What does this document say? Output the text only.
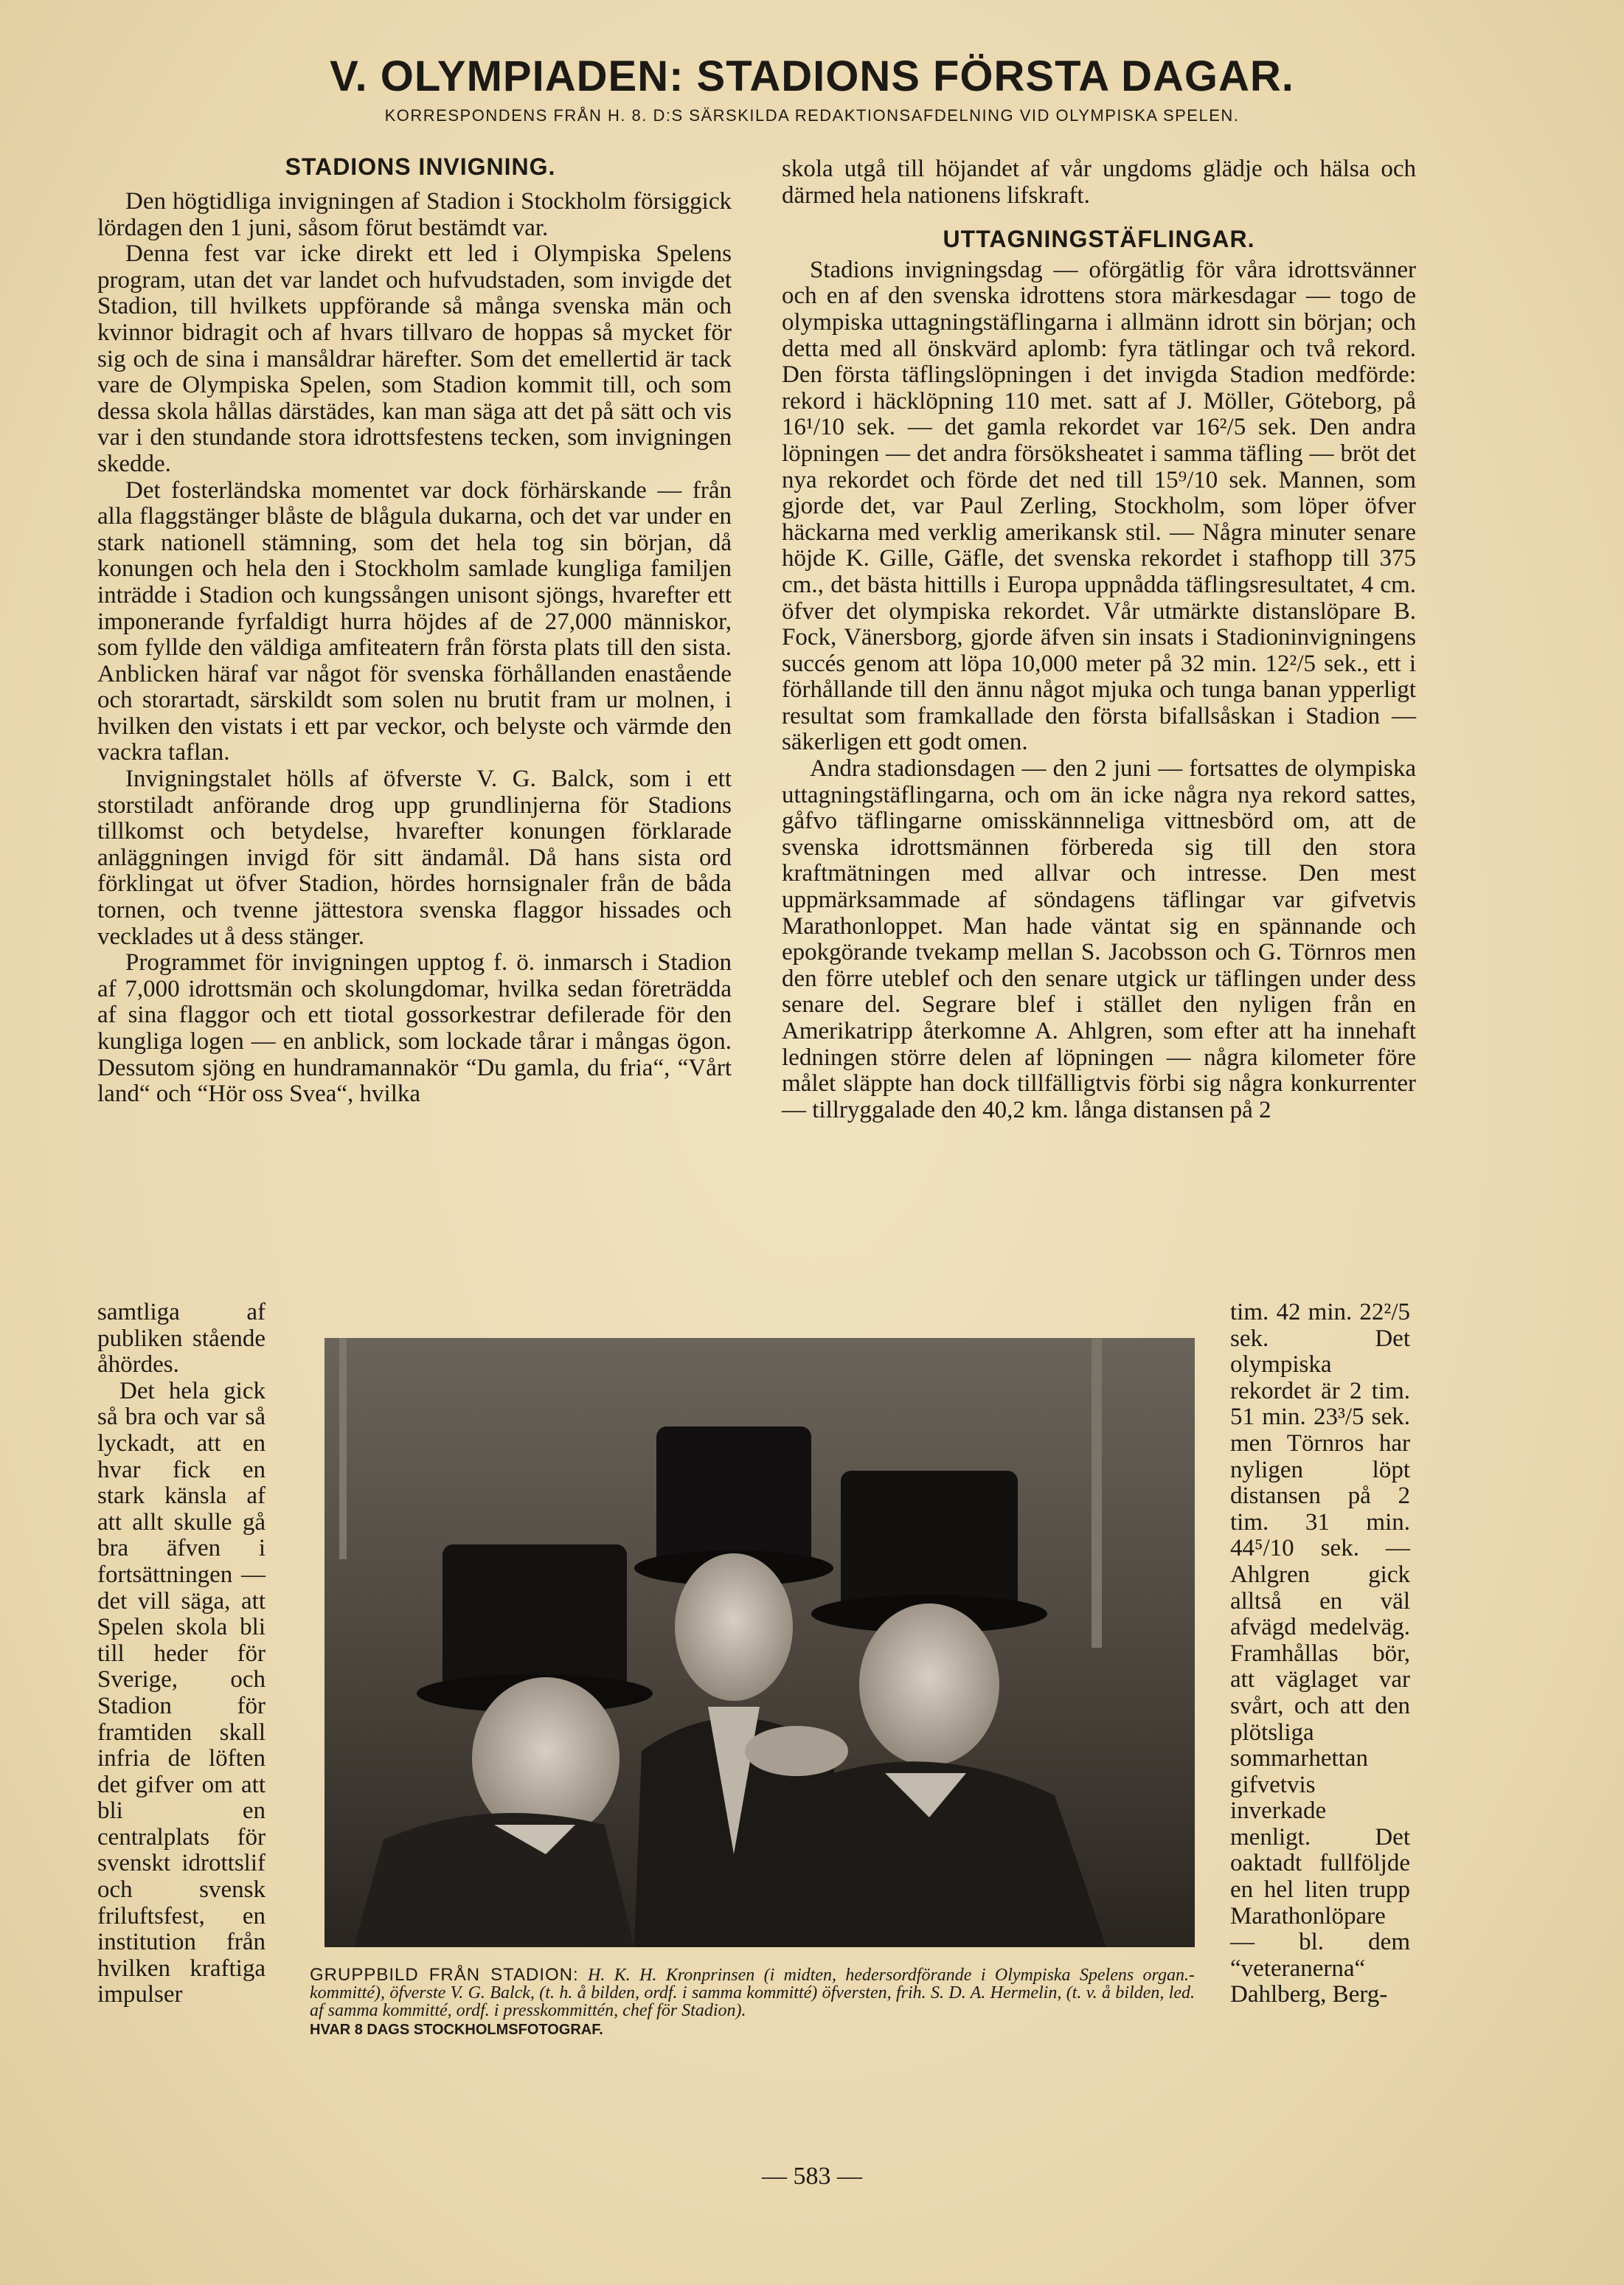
V. OLYMPIADEN: STADIONS FÖRSTA DAGAR.
KORRESPONDENS FRÅN H. 8. D:S SÄRSKILDA REDAKTIONSAFDELNING VID OLYMPISKA SPELEN.
STADIONS INVIGNING.

Den högtidliga invigningen af Stadion i Stockholm försiggick lördagen den 1 juni, såsom förut bestämdt var.

Denna fest var icke direkt ett led i Olympiska Spelens program, utan det var landet och hufvudstaden, som invigde det Stadion, till hvilkets uppförande så många svenska män och kvinnor bidragit och af hvars tillvaro de hoppas så mycket för sig och de sina i mansåldrar härefter. Som det emellertid är tack vare de Olympiska Spelen, som Stadion kommit till, och som dessa skola hållas därstädes, kan man säga att det på sätt och vis var i den stundande stora idrottsfestens tecken, som invigningen skedde.

Det fosterländska momentet var dock förhärskande — från alla flaggstänger blåste de blågula dukarna, och det var under en stark nationell stämning, som det hela tog sin början, då konungen och hela den i Stockholm samlade kungliga familjen inträdde i Stadion och kungssången unisont sjöngs, hvarefter ett imponerande fyrfaldigt hurra höjdes af de 27,000 människor, som fyllde den väldiga amfiteatern från första plats till den sista. Anblicken häraf var något för svenska förhållanden enastående och storartadt, särskildt som solen nu brutit fram ur molnen, i hvilken den vistats i ett par veckor, och belyste och värmde den vackra taflan.

Invigningstalet hölls af öfverste V. G. Balck, som i ett storstiladt anförande drog upp grundlinjerna för Stadions tillkomst och betydelse, hvarefter konungen förklarade anläggningen invigd för sitt ändamål. Då hans sista ord förklingat ut öfver Stadion, hördes hornsignaler från de båda tornen, och tvenne jättestora svenska flaggor hissades och vecklades ut å dess stänger.

Programmet för invigningen upptog f. ö. inmarsch i Stadion af 7,000 idrottsmän och skolungdomar, hvilka sedan företrädda af sina flaggor och ett tiotal gossorkestrar defilerade för den kungliga logen — en anblick, som lockade tårar i mångas ögon. Dessutom sjöng en hundramannakör “Du gamla, du fria“, “Vårt land“ och “Hör oss Svea“, hvilka

samtliga af publiken stående åhördes.

Det hela gick så bra och var så lyckadt, att en hvar fick en stark känsla af att allt skulle gå bra äfven i fortsättningen — det vill säga, att Spelen skola bli till heder för Sverige, och Stadion för framtiden skall infria de löften det gifver om att bli en centralplats för svenskt idrottslif och svensk friluftsfest, en institution från hvilken kraftiga impulser

skola utgå till höjandet af vår ungdoms glädje och hälsa och därmed hela nationens lifskraft.

UTTAGNINGSTÄFLINGAR.

Stadions invigningsdag — oförgätlig för våra idrottsvänner och en af den svenska idrottens stora märkesdagar — togo de olympiska uttagningstäflingarna i allmänn idrott sin början; och detta med all önskvärd aplomb: fyra tätlingar och två rekord. Den första täflingslöpningen i det invigda Stadion medförde: rekord i häcklöpning 110 met. satt af J. Möller, Göteborg, på 16¹/10 sek. — det gamla rekordet var 16²/5 sek. Den andra löpningen — det andra försöksheatet i samma täfling — bröt det nya rekordet och förde det ned till 15⁹/10 sek. Mannen, som gjorde det, var Paul Zerling, Stockholm, som löper öfver häckarna med verklig amerikansk stil. — Några minuter senare höjde K. Gille, Gäfle, det svenska rekordet i stafhopp till 375 cm., det bästa hittills i Europa uppnådda täflingsresultatet, 4 cm. öfver det olympiska rekordet. Vår utmärkte distanslöpare B. Fock, Vänersborg, gjorde äfven sin insats i Stadioninvigningens succés genom att löpa 10,000 meter på 32 min. 12²/5 sek., ett i förhållande till den ännu något mjuka och tunga banan ypperligt resultat som framkallade den första bifallsåskan i Stadion — säkerligen ett godt omen.

Andra stadionsdagen — den 2 juni — fortsattes de olympiska uttagningstäflingarna, och om än icke några nya rekord sattes, gåfvo täflingarne omisskännneliga vittnesbörd om, att de svenska idrottsmännen förbereda sig till den stora kraftmätningen med allvar och intresse. Den mest uppmärksammade af söndagens täflingar var gifvetvis Marathonloppet. Man hade väntat sig en spännande och epokgörande tvekamp mellan S. Jacobsson och G. Törnros men den förre uteblef och den senare utgick ur täflingen under dess senare del. Segrare blef i stället den nyligen från en Amerikatripp återkomne A. Ahlgren, som efter att ha innehaft ledningen större delen af löpningen — några kilometer före målet släppte han dock tillfälligtvis förbi sig några konkurrenter — tillryggalade den 40,2 km. långa distansen på 2

tim. 42 min. 22²/5 sek. Det olympiska rekordet är 2 tim. 51 min. 23³/5 sek. men Törnros har nyligen löpt distansen på 2 tim. 31 min. 44⁵/10 sek. — Ahlgren gick alltså en väl afvägd medelväg. Framhållas bör, att väglaget var svårt, och att den plötsliga sommarhettan gifvetvis inverkade menligt. Det oaktadt fullföljde en hel liten trupp Marathonlöpare — bl. dem “veteranerna“ Dahlberg, Berg-

GRUPPBILD FRÅN STADION: H. K. H. Kronprinsen (i midten, hedersordförande i Olympiska Spelens organ.-kommitté), öfverste V. G. Balck, (t. h. å bilden, ordf. i samma kommitté) öfversten, frih. S. D. A. Hermelin, (t. v. å bilden, led. af samma kommitté, ordf. i presskommittén, chef för Stadion).
HVAR 8 DAGS STOCKHOLMSFOTOGRAF.
— 583 —
